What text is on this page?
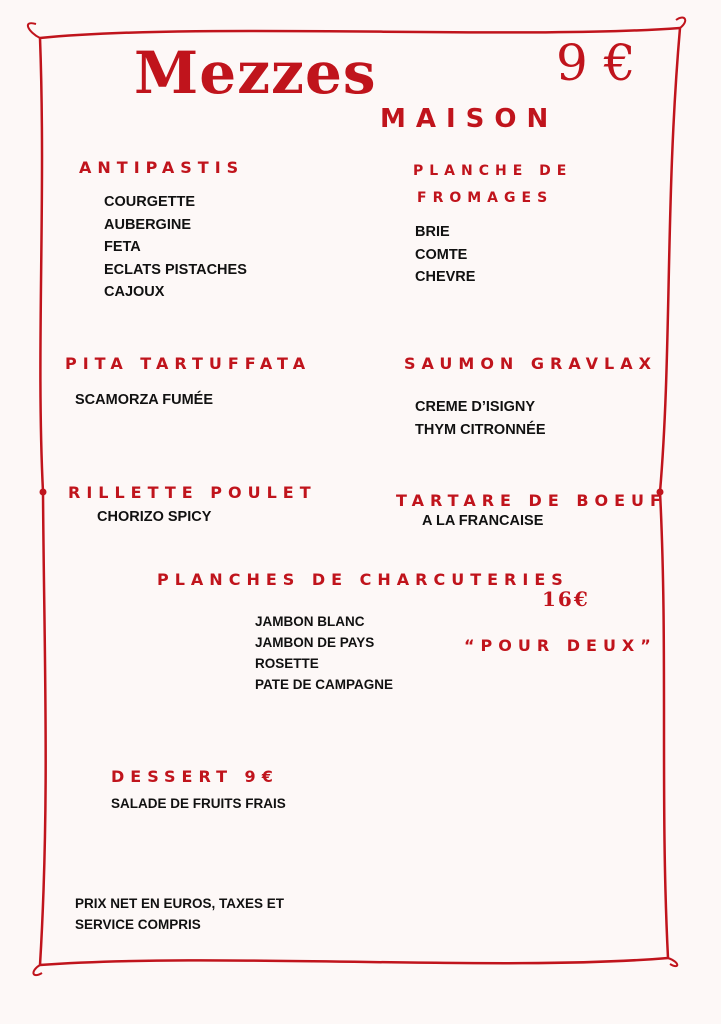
Mezzes
MAISON
9 €
ANTIPASTIS
COURGETTE
AUBERGINE
FETA
ECLATS PISTACHES
CAJOUX
PLANCHE DE
FROMAGES
BRIE
COMTE
CHEVRE
PITA TARTUFFATA
SCAMORZA FUMÉE
SAUMON GRAVLAX
CREME D’ISIGNY
THYM CITRONNÉE
RILLETTE POULET
CHORIZO SPICY
TARTARE DE BOEUF
A LA FRANCAISE
PLANCHES DE CHARCUTERIES
16€
“POUR DEUX”
JAMBON BLANC
JAMBON DE PAYS
ROSETTE
PATE DE CAMPAGNE
DESSERT 9€
SALADE DE FRUITS FRAIS
PRIX NET EN EUROS, TAXES ET
SERVICE COMPRIS
